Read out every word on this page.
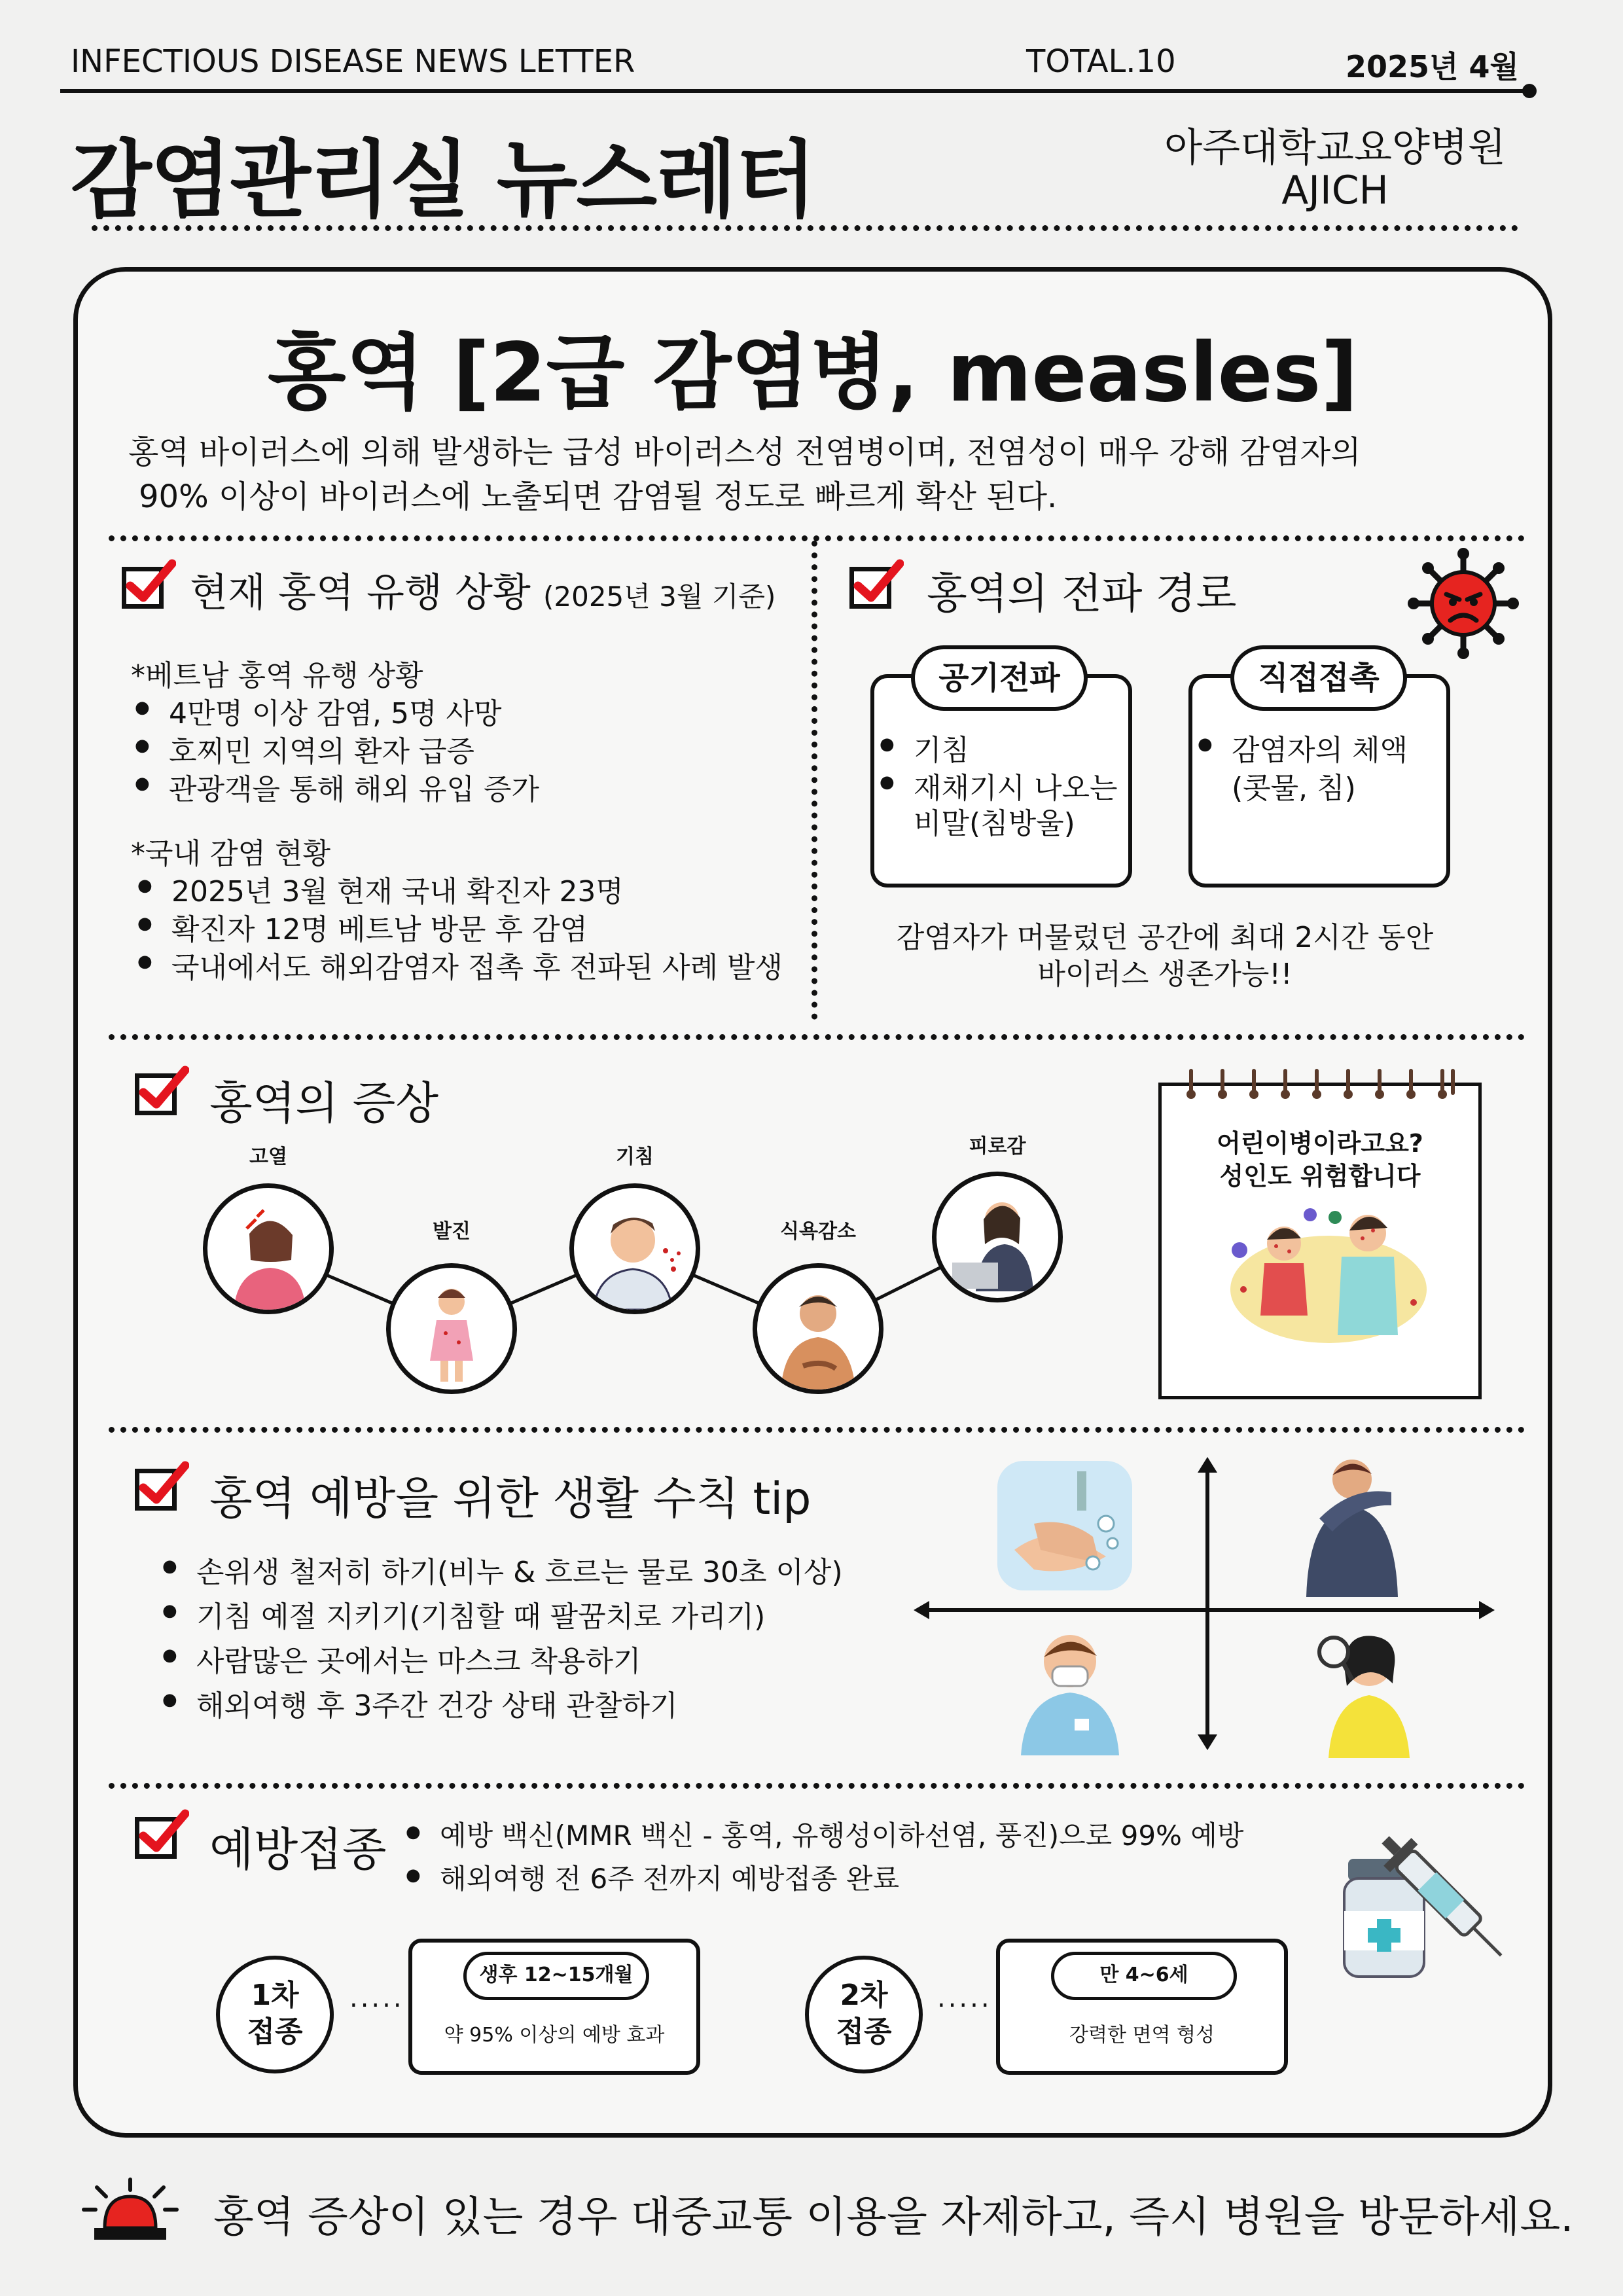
INFECTIOUS DISEASE NEWS LETTER	TOTAL.10	2025년 4월
감염관리실 뉴스레터	아주대학교요양병원
AJICH
홍역 [2급 감염병, measles]
홍역 바이러스에 의해 발생하는 급성 바이러스성 전염병이며, 전염성이 매우 강해 감염자의
90% 이상이 바이러스에 노출되면 감염될 정도로 빠르게 확산 된다.
현재 홍역 유행 상황 (2025년 3월 기준)
*베트남 홍역 유행 상황
● 4만명 이상 감염, 5명 사망
● 호찌민 지역의 환자 급증
● 관광객을 통해 해외 유입 증가
*국내 감염 현황
● 2025년 3월 현재 국내 확진자 23명
● 확진자 12명 베트남 방문 후 감염
● 국내에서도 해외감염자 접촉 후 전파된 사례 발생
홍역의 전파 경로
공기전파
● 기침
● 재채기시 나오는
비말(침방울)
직접접촉
● 감염자의 체액
(콧물, 침)
감염자가 머물렀던 공간에 최대 2시간 동안
바이러스 생존가능!!
홍역의 증상
고열
발진
기침
식욕감소
피로감	어린이병이라고요?
성인도 위험합니다
홍역 예방을 위한 생활 수칙 tip
● 손위생 철저히 하기(비누 & 흐르는 물로 30초 이상)
● 기침 예절 지키기(기침할 때 팔꿈치로 가리기)
● 사람많은 곳에서는 마스크 착용하기
● 해외여행 후 3주간 건강 상태 관찰하기
예방접종
● 예방 백신(MMR 백신 - 홍역, 유행성이하선염, 풍진)으로 99% 예방
● 해외여행 전 6주 전까지 예방접종 완료
1차
접종
.....
생후 12~15개월
약 95% 이상의 예방 효과
2차
접종
.....
만 4~6세
강력한 면역 형성
홍역 증상이 있는 경우 대중교통 이용을 자제하고, 즉시 병원을 방문하세요.
